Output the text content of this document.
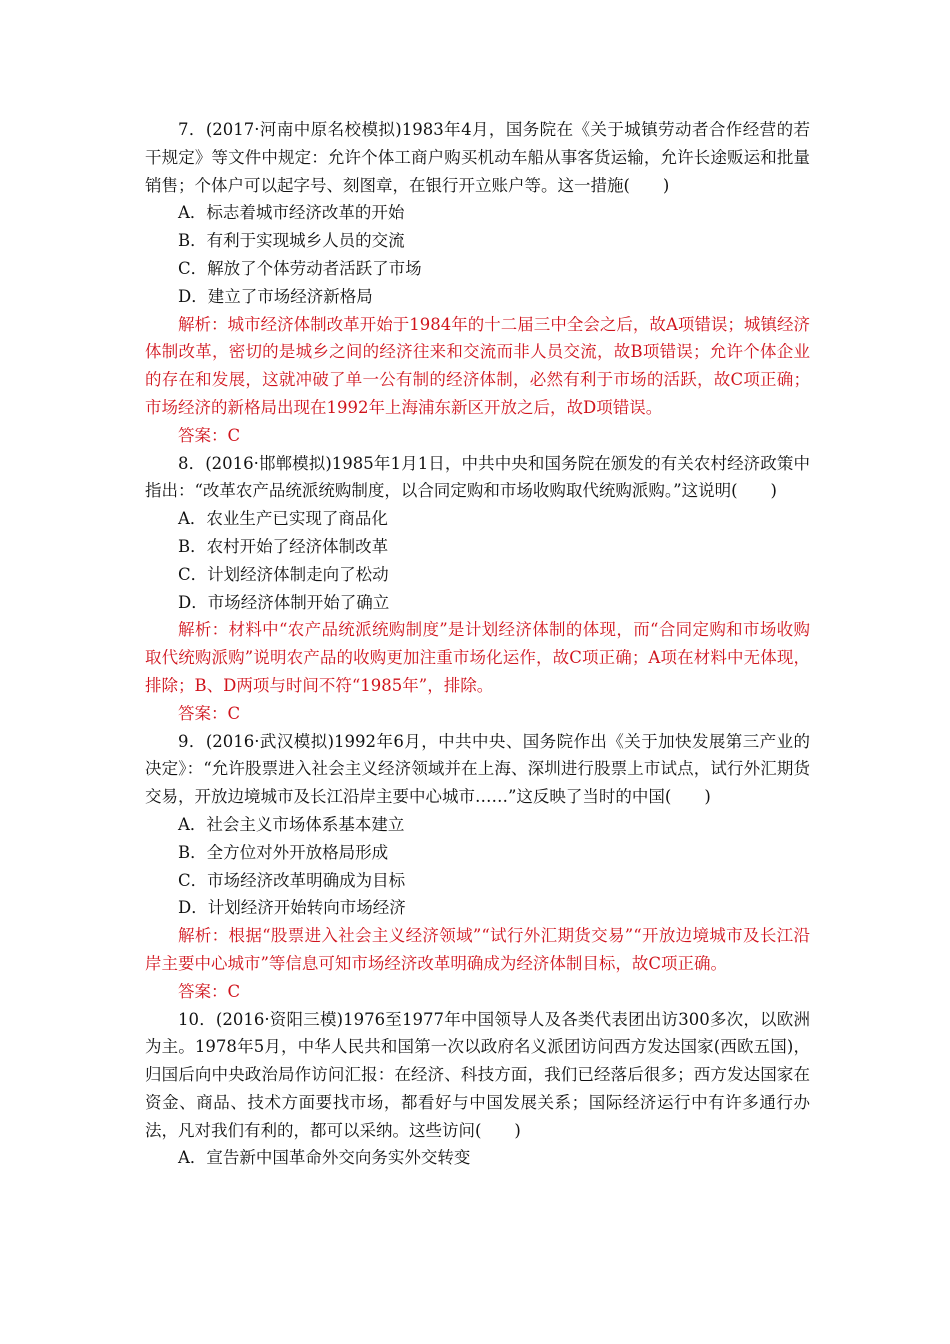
7．(2017·河南中原名校模拟)1983年4月，国务院在《关于城镇劳动者合作经营的若干规定》等文件中规定：允许个体工商户购买机动车船从事客货运输，允许长途贩运和批量销售；个体户可以起字号、刻图章，在银行开立账户等。这一措施(　　)

A．标志着城市经济改革的开始

B．有利于实现城乡人员的交流

C．解放了个体劳动者活跃了市场

D．建立了市场经济新格局

解析：城市经济体制改革开始于1984年的十二届三中全会之后，故A项错误；城镇经济体制改革，密切的是城乡之间的经济往来和交流而非人员交流，故B项错误；允许个体企业的存在和发展，这就冲破了单一公有制的经济体制，必然有利于市场的活跃，故C项正确；市场经济的新格局出现在1992年上海浦东新区开放之后，故D项错误。

答案：C

8．(2016·邯郸模拟)1985年1月1日，中共中央和国务院在颁发的有关农村经济政策中指出：“改革农产品统派统购制度，以合同定购和市场收购取代统购派购。”这说明(　　)

A．农业生产已实现了商品化

B．农村开始了经济体制改革

C．计划经济体制走向了松动

D．市场经济体制开始了确立

解析：材料中“农产品统派统购制度”是计划经济体制的体现，而“合同定购和市场收购取代统购派购”说明农产品的收购更加注重市场化运作，故C项正确；A项在材料中无体现，排除；B、D两项与时间不符“1985年”，排除。

答案：C

9．(2016·武汉模拟)1992年6月，中共中央、国务院作出《关于加快发展第三产业的决定》：“允许股票进入社会主义经济领域并在上海、深圳进行股票上市试点，试行外汇期货交易，开放边境城市及长江沿岸主要中心城市……”这反映了当时的中国(　　)

A．社会主义市场体系基本建立

B．全方位对外开放格局形成

C．市场经济改革明确成为目标

D．计划经济开始转向市场经济

解析：根据“股票进入社会主义经济领域”“试行外汇期货交易”“开放边境城市及长江沿岸主要中心城市”等信息可知市场经济改革明确成为经济体制目标，故C项正确。

答案：C

10．(2016·资阳三模)1976至1977年中国领导人及各类代表团出访300多次，以欧洲为主。1978年5月，中华人民共和国第一次以政府名义派团访问西方发达国家(西欧五国)，归国后向中央政治局作访问汇报：在经济、科技方面，我们已经落后很多；西方发达国家在资金、商品、技术方面要找市场，都看好与中国发展关系；国际经济运行中有许多通行办法，凡对我们有利的，都可以采纳。这些访问(　　)

A．宣告新中国革命外交向务实外交转变
